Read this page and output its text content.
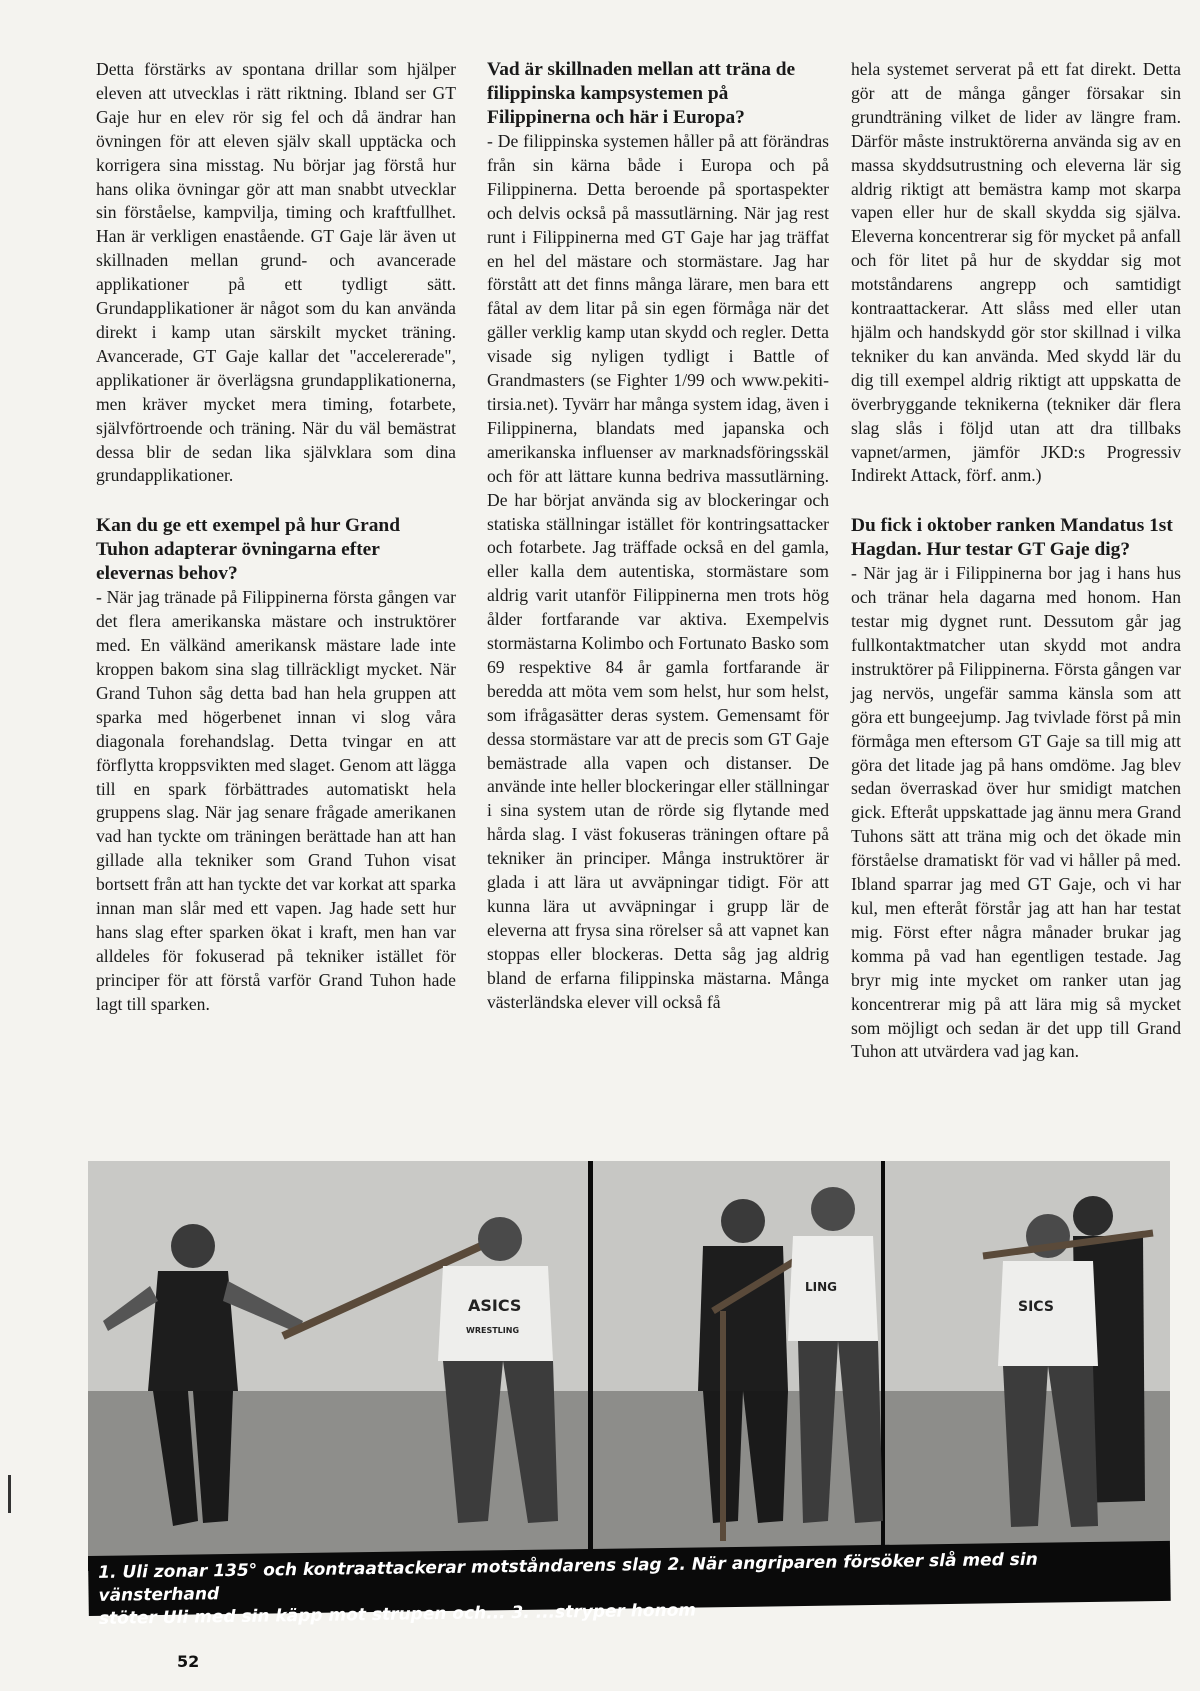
Detta förstärks av spontana drillar som hjälper eleven att utvecklas i rätt riktning. Ibland ser GT Gaje hur en elev rör sig fel och då ändrar han övningen för att eleven själv skall upptäcka och korrigera sina misstag. Nu börjar jag förstå hur hans olika övningar gör att man snabbt utvecklar sin förståelse, kampvilja, timing och kraftfullhet. Han är verkligen enastående. GT Gaje lär även ut skillnaden mellan grund- och avancerade applikationer på ett tydligt sätt. Grundapplikationer är något som du kan använda direkt i kamp utan särskilt mycket träning. Avancerade, GT Gaje kallar det "accelererade", applikationer är överlägsna grundapplikationerna, men kräver mycket mera timing, fotarbete, självförtroende och träning. När du väl bemästrat dessa blir de sedan lika självklara som dina grundapplikationer.

Kan du ge ett exempel på hur Grand Tuhon adapterar övningarna efter elevernas behov?

- När jag tränade på Filippinerna första gången var det flera amerikanska mästare och instruktörer med. En välkänd amerikansk mästare lade inte kroppen bakom sina slag tillräckligt mycket. När Grand Tuhon såg detta bad han hela gruppen att sparka med högerbenet innan vi slog våra diagonala forehandslag. Detta tvingar en att förflytta kroppsvikten med slaget. Genom att lägga till en spark förbättrades automatiskt hela gruppens slag. När jag senare frågade amerikanen vad han tyckte om träningen berättade han att han gillade alla tekniker som Grand Tuhon visat bortsett från att han tyckte det var korkat att sparka innan man slår med ett vapen. Jag hade sett hur hans slag efter sparken ökat i kraft, men han var alldeles för fokuserad på tekniker istället för principer för att förstå varför Grand Tuhon hade lagt till sparken.

Vad är skillnaden mellan att träna de filippinska kampsystemen på Filippinerna och här i Europa?

- De filippinska systemen håller på att förändras från sin kärna både i Europa och på Filippinerna. Detta beroende på sportaspekter och delvis också på massutlärning. När jag rest runt i Filippinerna med GT Gaje har jag träffat en hel del mästare och stormästare. Jag har förstått att det finns många lärare, men bara ett fåtal av dem litar på sin egen förmåga när det gäller verklig kamp utan skydd och regler. Detta visade sig nyligen tydligt i Battle of Grandmasters (se Fighter 1/99 och www.pekiti-tirsia.net). Tyvärr har många system idag, även i Filippinerna, blandats med japanska och amerikanska influenser av marknadsföringsskäl och för att lättare kunna bedriva massutlärning. De har börjat använda sig av blockeringar och statiska ställningar istället för kontringsattacker och fotarbete. Jag träffade också en del gamla, eller kalla dem autentiska, stormästare som aldrig varit utanför Filippinerna men trots hög ålder fortfarande var aktiva. Exempelvis stormästarna Kolimbo och Fortunato Basko som 69 respektive 84 år gamla fortfarande är beredda att möta vem som helst, hur som helst, som ifrågasätter deras system. Gemensamt för dessa stormästare var att de precis som GT Gaje bemästrade alla vapen och distanser. De använde inte heller blockeringar eller ställningar i sina system utan de rörde sig flytande med hårda slag. I väst fokuseras träningen oftare på tekniker än principer. Många instruktörer är glada i att lära ut avväpningar tidigt. För att kunna lära ut avväpningar i grupp lär de eleverna att frysa sina rörelser så att vapnet kan stoppas eller blockeras. Detta såg jag aldrig bland de erfarna filippinska mästarna. Många västerländska elever vill också få

hela systemet serverat på ett fat direkt. Detta gör att de många gånger försakar sin grundträning vilket de lider av längre fram. Därför måste instruktörerna använda sig av en massa skyddsutrustning och eleverna lär sig aldrig riktigt att bemästra kamp mot skarpa vapen eller hur de skall skydda sig själva. Eleverna koncentrerar sig för mycket på anfall och för litet på hur de skyddar sig mot motståndarens angrepp och samtidigt kontraattackerar. Att slåss med eller utan hjälm och handskydd gör stor skillnad i vilka tekniker du kan använda. Med skydd lär du dig till exempel aldrig riktigt att uppskatta de överbryggande teknikerna (tekniker där flera slag slås i följd utan att dra tillbaks vapnet/armen, jämför JKD:s Progressiv Indirekt Attack, förf. anm.)

Du fick i oktober ranken Mandatus 1st Hagdan. Hur testar GT Gaje dig?

- När jag är i Filippinerna bor jag i hans hus och tränar hela dagarna med honom. Han testar mig dygnet runt. Dessutom går jag fullkontaktmatcher utan skydd mot andra instruktörer på Filippinerna. Första gången var jag nervös, ungefär samma känsla som att göra ett bungeejump. Jag tvivlade först på min förmåga men eftersom GT Gaje sa till mig att göra det litade jag på hans omdöme. Jag blev sedan överraskad över hur smidigt matchen gick. Efteråt uppskattade jag ännu mera Grand Tuhons sätt att träna mig och det ökade min förståelse dramatiskt för vad vi håller på med. Ibland sparrar jag med GT Gaje, och vi har kul, men efteråt förstår jag att han har testat mig. Först efter några månader brukar jag komma på vad han egentligen testade. Jag bryr mig inte mycket om ranker utan jag koncentrerar mig på att lära mig så mycket som möjligt och sedan är det upp till Grand Tuhon att utvärdera vad jag kan.

ASICS
WRESTLING
LING
SICS
1. Uli zonar 135° och kontraattackerar motståndarens slag 2. När angriparen försöker slå med sin vänsterhand
stöter Uli med sin käpp mot strupen och... 3. ...stryper honom
52
